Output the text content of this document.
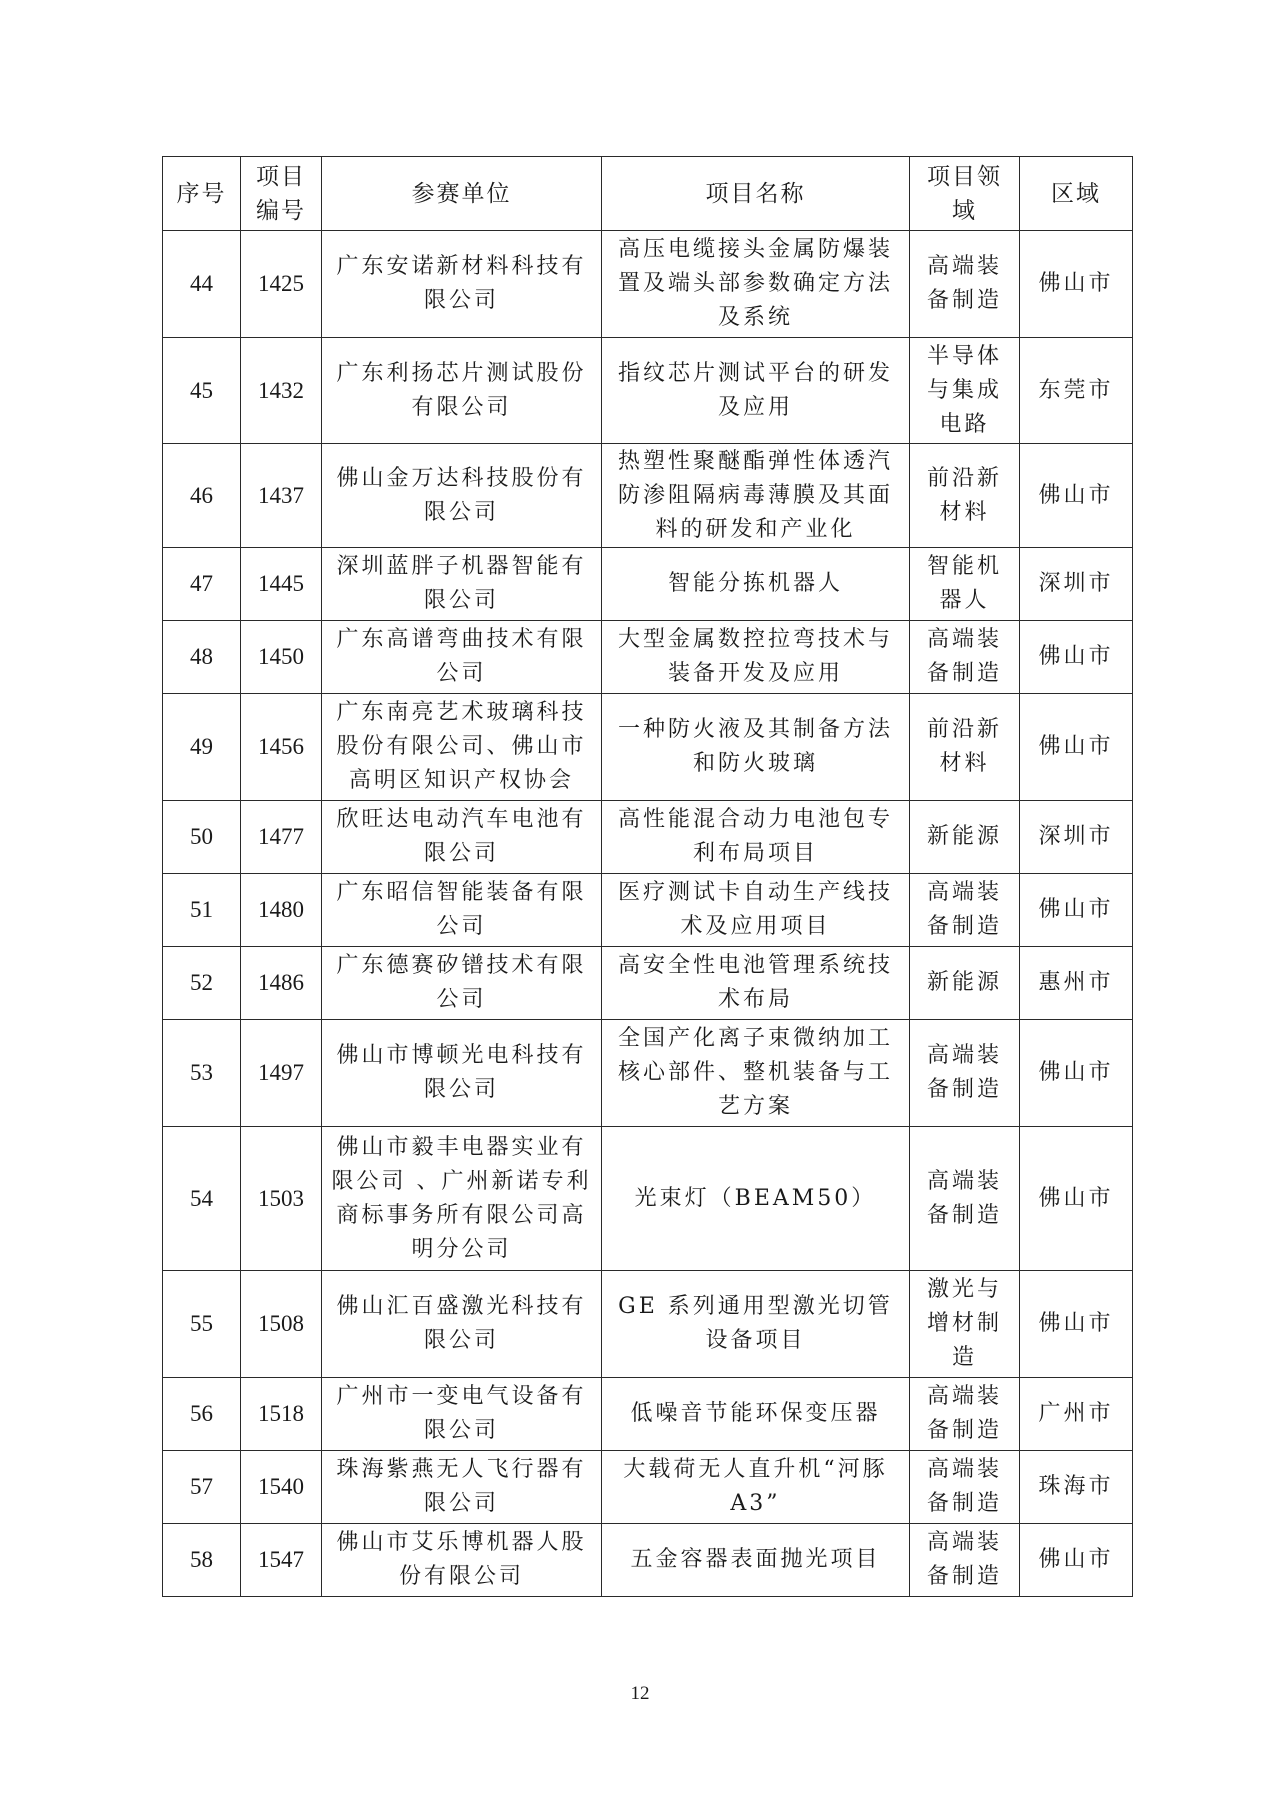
序号	项目编号	参赛单位	项目名称	项目领域	区域
44	1425	广东安诺新材料科技有限公司	高压电缆接头金属防爆装置及端头部参数确定方法及系统	高端装备制造	佛山市
45	1432	广东利扬芯片测试股份有限公司	指纹芯片测试平台的研发及应用	半导体与集成电路	东莞市
46	1437	佛山金万达科技股份有限公司	热塑性聚醚酯弹性体透汽防渗阻隔病毒薄膜及其面料的研发和产业化	前沿新材料	佛山市
47	1445	深圳蓝胖子机器智能有限公司	智能分拣机器人	智能机器人	深圳市
48	1450	广东高谱弯曲技术有限公司	大型金属数控拉弯技术与装备开发及应用	高端装备制造	佛山市
49	1456	广东南亮艺术玻璃科技股份有限公司、佛山市高明区知识产权协会	一种防火液及其制备方法和防火玻璃	前沿新材料	佛山市
50	1477	欣旺达电动汽车电池有限公司	高性能混合动力电池包专利布局项目	新能源	深圳市
51	1480	广东昭信智能装备有限公司	医疗测试卡自动生产线技术及应用项目	高端装备制造	佛山市
52	1486	广东德赛矽镨技术有限公司	高安全性电池管理系统技术布局	新能源	惠州市
53	1497	佛山市博顿光电科技有限公司	全国产化离子束微纳加工核心部件、整机装备与工艺方案	高端装备制造	佛山市
54	1503	佛山市毅丰电器实业有限公司 、广州新诺专利商标事务所有限公司高明分公司	光束灯（BEAM50）	高端装备制造	佛山市
55	1508	佛山汇百盛激光科技有限公司	GE 系列通用型激光切管设备项目	激光与增材制造	佛山市
56	1518	广州市一变电气设备有限公司	低噪音节能环保变压器	高端装备制造	广州市
57	1540	珠海紫燕无人飞行器有限公司	大载荷无人直升机“河豚A3”	高端装备制造	珠海市
58	1547	佛山市艾乐博机器人股份有限公司	五金容器表面抛光项目	高端装备制造	佛山市
12
